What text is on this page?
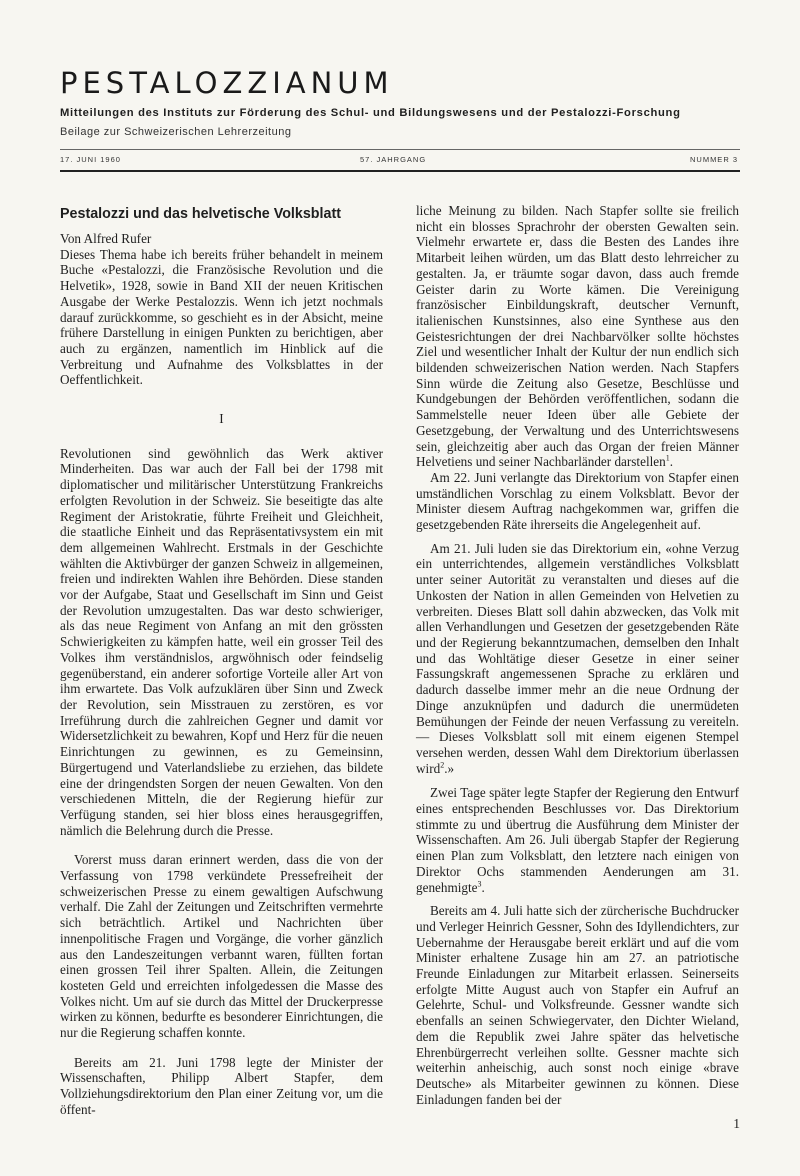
PESTALOZZIANUM

Mitteilungen des Instituts zur Förderung des Schul- und Bildungswesens und der Pestalozzi-Forschung

Beilage zur Schweizerischen Lehrerzeitung

17. JUNI 1960	57. JAHRGANG	NUMMER 3
Pestalozzi und das helvetische Volksblatt

Von Alfred Rufer

Dieses Thema habe ich bereits früher behandelt in meinem Buche «Pestalozzi, die Französische Revolution und die Helvetik», 1928, sowie in Band XII der neuen Kritischen Ausgabe der Werke Pestalozzis. Wenn ich jetzt nochmals darauf zurückkomme, so geschieht es in der Absicht, meine frühere Darstellung in einigen Punkten zu berichtigen, aber auch zu ergänzen, namentlich im Hinblick auf die Verbreitung und Aufnahme des Volksblattes in der Oeffentlichkeit.

I

Revolutionen sind gewöhnlich das Werk aktiver Minderheiten. Das war auch der Fall bei der 1798 mit diplomatischer und militärischer Unterstützung Frankreichs erfolgten Revolution in der Schweiz. Sie beseitigte das alte Regiment der Aristokratie, führte Freiheit und Gleichheit, die staatliche Einheit und das Repräsentativsystem ein mit dem allgemeinen Wahlrecht. Erstmals in der Geschichte wählten die Aktivbürger der ganzen Schweiz in allgemeinen, freien und indirekten Wahlen ihre Behörden. Diese standen vor der Aufgabe, Staat und Gesellschaft im Sinn und Geist der Revolution umzugestalten. Das war desto schwieriger, als das neue Regiment von Anfang an mit den grössten Schwierigkeiten zu kämpfen hatte, weil ein grosser Teil des Volkes ihm verständnislos, argwöhnisch oder feindselig gegenüberstand, ein anderer sofortige Vorteile aller Art von ihm erwartete. Das Volk aufzuklären über Sinn und Zweck der Revolution, sein Misstrauen zu zerstören, es vor Irreführung durch die zahlreichen Gegner und damit vor Widersetzlichkeit zu bewahren, Kopf und Herz für die neuen Einrichtungen zu gewinnen, es zu Gemeinsinn, Bürgertugend und Vaterlandsliebe zu erziehen, das bildete eine der dringendsten Sorgen der neuen Gewalten. Von den verschiedenen Mitteln, die der Regierung hiefür zur Verfügung standen, sei hier bloss eines herausgegriffen, nämlich die Belehrung durch die Presse.

Vorerst muss daran erinnert werden, dass die von der Verfassung von 1798 verkündete Pressefreiheit der schweizerischen Presse zu einem gewaltigen Aufschwung verhalf. Die Zahl der Zeitungen und Zeitschriften vermehrte sich beträchtlich. Artikel und Nachrichten über innenpolitische Fragen und Vorgänge, die vorher gänzlich aus den Landeszeitungen verbannt waren, füllten fortan einen grossen Teil ihrer Spalten. Allein, die Zeitungen kosteten Geld und erreichten infolgedessen die Masse des Volkes nicht. Um auf sie durch das Mittel der Druckerpresse wirken zu können, bedurfte es besonderer Einrichtungen, die nur die Regierung schaffen konnte.

Bereits am 21. Juni 1798 legte der Minister der Wissenschaften, Philipp Albert Stapfer, dem Vollziehungsdirektorium den Plan einer Zeitung vor, um die öffent-

liche Meinung zu bilden. Nach Stapfer sollte sie freilich nicht ein blosses Sprachrohr der obersten Gewalten sein. Vielmehr erwartete er, dass die Besten des Landes ihre Mitarbeit leihen würden, um das Blatt desto lehrreicher zu gestalten. Ja, er träumte sogar davon, dass auch fremde Geister darin zu Worte kämen. Die Vereinigung französischer Einbildungskraft, deutscher Vernunft, italienischen Kunstsinnes, also eine Synthese aus den Geistesrichtungen der drei Nachbarvölker sollte höchstes Ziel und wesentlicher Inhalt der Kultur der nun endlich sich bildenden schweizerischen Nation werden. Nach Stapfers Sinn würde die Zeitung also Gesetze, Beschlüsse und Kundgebungen der Behörden veröffentlichen, sodann die Sammelstelle neuer Ideen über alle Gebiete der Gesetzgebung, der Verwaltung und des Unterrichtswesens sein, gleichzeitig aber auch das Organ der freien Männer Helvetiens und seiner Nachbarländer darstellen$^1$.

Am 22. Juni verlangte das Direktorium von Stapfer einen umständlichen Vorschlag zu einem Volksblatt. Bevor der Minister diesem Auftrag nachgekommen war, griffen die gesetzgebenden Räte ihrerseits die Angelegenheit auf.

Am 21. Juli luden sie das Direktorium ein, «ohne Verzug ein unterrichtendes, allgemein verständliches Volksblatt unter seiner Autorität zu veranstalten und dieses auf die Unkosten der Nation in allen Gemeinden von Helvetien zu verbreiten. Dieses Blatt soll dahin abzwecken, das Volk mit allen Verhandlungen und Gesetzen der gesetzgebenden Räte und der Regierung bekanntzumachen, demselben den Inhalt und das Wohltätige dieser Gesetze in einer seiner Fassungskraft angemessenen Sprache zu erklären und dadurch dasselbe immer mehr an die neue Ordnung der Dinge anzuknüpfen und dadurch die unermüdeten Bemühungen der Feinde der neuen Verfassung zu vereiteln. — Dieses Volksblatt soll mit einem eigenen Stempel versehen werden, dessen Wahl dem Direktorium überlassen wird$^2$.»

Zwei Tage später legte Stapfer der Regierung den Entwurf eines entsprechenden Beschlusses vor. Das Direktorium stimmte zu und übertrug die Ausführung dem Minister der Wissenschaften. Am 26. Juli übergab Stapfer der Regierung einen Plan zum Volksblatt, den letztere nach einigen von Direktor Ochs stammenden Aenderungen am 31. genehmigte$^3$.

Bereits am 4. Juli hatte sich der zürcherische Buchdrucker und Verleger Heinrich Gessner, Sohn des Idyllendichters, zur Uebernahme der Herausgabe bereit erklärt und auf die vom Minister erhaltene Zusage hin am 27. an patriotische Freunde Einladungen zur Mitarbeit erlassen. Seinerseits erfolgte Mitte August auch von Stapfer ein Aufruf an Gelehrte, Schul- und Volksfreunde. Gessner wandte sich ebenfalls an seinen Schwiegervater, den Dichter Wieland, dem die Republik zwei Jahre später das helvetische Ehrenbürgerrecht verleihen sollte. Gessner machte sich weiterhin anheischig, auch sonst noch einige «brave Deutsche» als Mitarbeiter gewinnen zu können. Diese Einladungen fanden bei der

1
